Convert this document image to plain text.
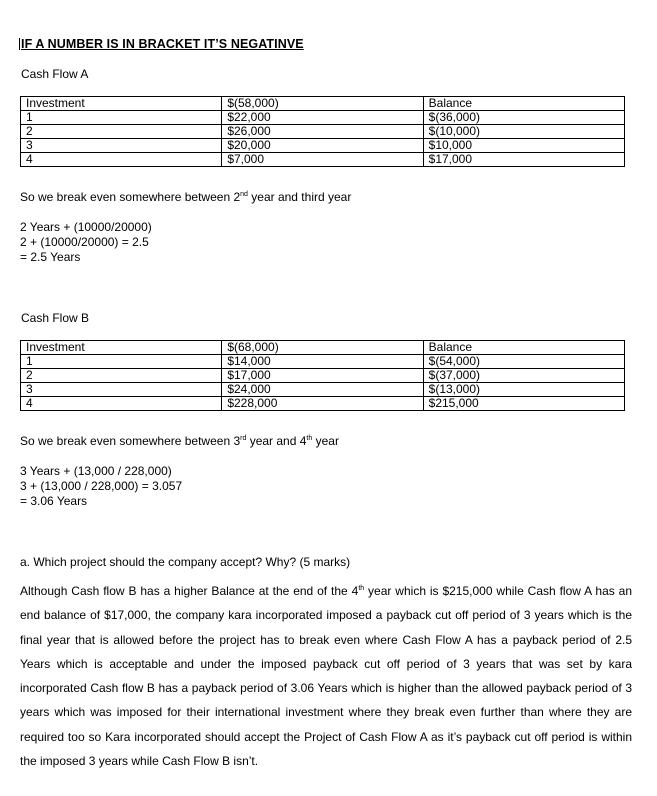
IF A NUMBER IS IN BRACKET IT’S NEGATINVE
Cash Flow A
Investment	$(58,000)	Balance
1	$22,000	$(36,000)
2	$26,000	$(10,000)
3	$20,000	$10,000
4	$7,000	$17,000
So we break even somewhere between 2nd year and third year
2 Years + (10000/20000)
2 + (10000/20000) = 2.5
= 2.5 Years
Cash Flow B
Investment	$(68,000)	Balance
1	$14,000	$(54,000)
2	$17,000	$(37,000)
3	$24,000	$(13,000)
4	$228,000	$215,000
So we break even somewhere between 3rd year and 4th year
3 Years + (13,000 / 228,000)
3 + (13,000 / 228,000) = 3.057
= 3.06 Years
a. Which project should the company accept? Why? (5 marks)
Although Cash flow B has a higher Balance at the end of the 4th year which is $215,000 while Cash flow A has an end balance of $17,000, the company kara incorporated imposed a payback cut off period of 3 years which is the final year that is allowed before the project has to break even where Cash Flow A has a payback period of 2.5 Years which is acceptable and under the imposed payback cut off period of 3 years that was set by kara incorporated Cash flow B has a payback period of 3.06 Years which is higher than the allowed payback period of 3 years which was imposed for their international investment where they break even further than where they are required too so Kara incorporated should accept the Project of Cash Flow A as it’s payback cut off period is within the imposed 3 years while Cash Flow B isn’t.
